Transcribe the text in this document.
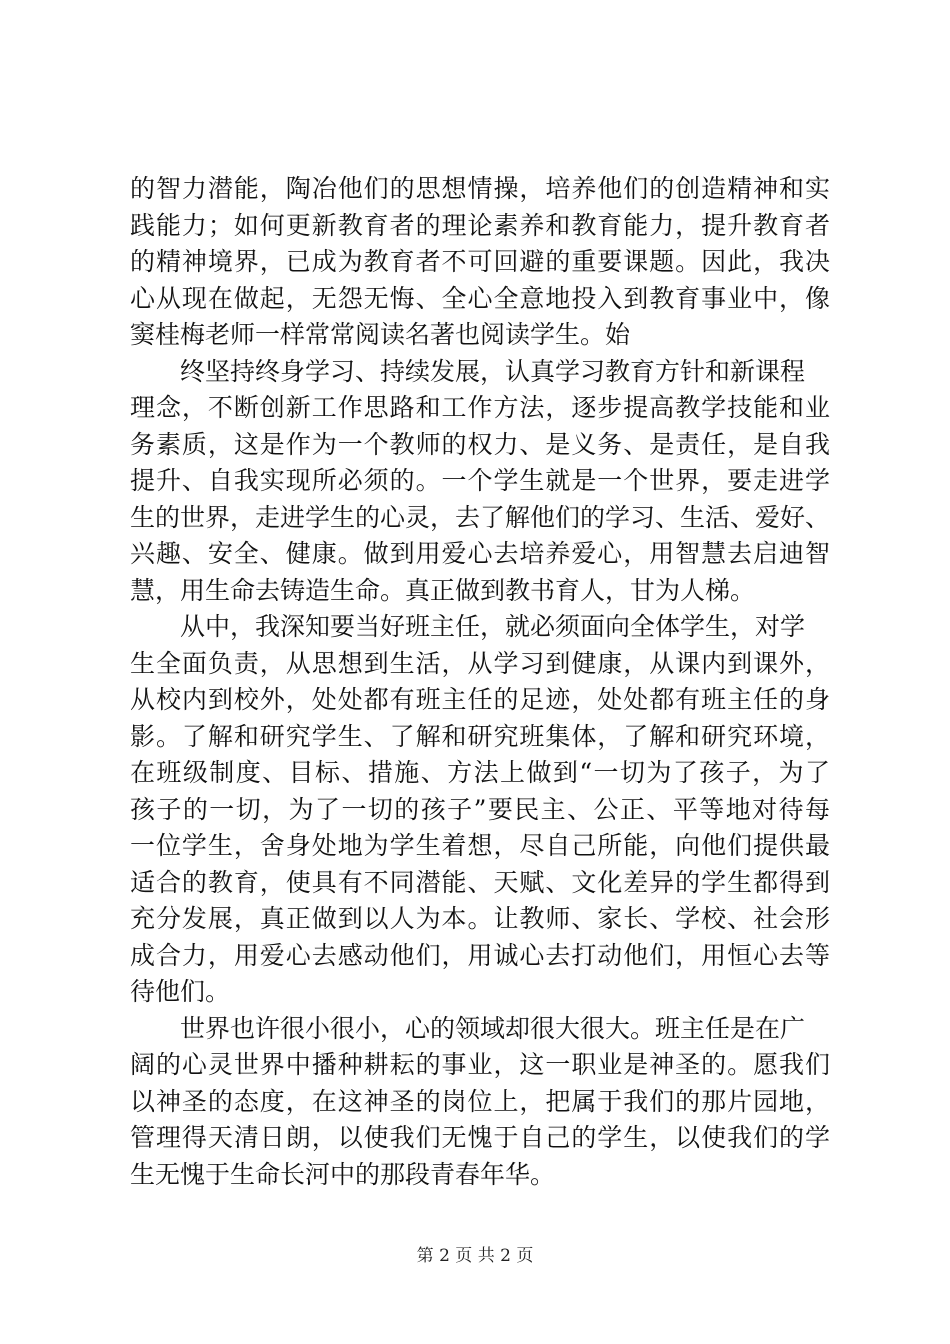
的智力潜能，陶冶他们的思想情操，培养他们的创造精神和实
践能力；如何更新教育者的理论素养和教育能力，提升教育者
的精神境界，已成为教育者不可回避的重要课题。因此，我决
心从现在做起，无怨无悔、全心全意地投入到教育事业中，像
窦桂梅老师一样常常阅读名著也阅读学生。始
终坚持终身学习、持续发展，认真学习教育方针和新课程
理念，不断创新工作思路和工作方法，逐步提高教学技能和业
务素质，这是作为一个教师的权力、是义务、是责任，是自我
提升、自我实现所必须的。一个学生就是一个世界，要走进学
生的世界，走进学生的心灵，去了解他们的学习、生活、爱好、
兴趣、安全、健康。做到用爱心去培养爱心，用智慧去启迪智
慧，用生命去铸造生命。真正做到教书育人，甘为人梯。
从中，我深知要当好班主任，就必须面向全体学生，对学
生全面负责，从思想到生活，从学习到健康，从课内到课外，
从校内到校外，处处都有班主任的足迹，处处都有班主任的身
影。了解和研究学生、了解和研究班集体，了解和研究环境，
在班级制度、目标、措施、方法上做到“一切为了孩子，为了
孩子的一切，为了一切的孩子”要民主、公正、平等地对待每
一位学生，舍身处地为学生着想，尽自己所能，向他们提供最
适合的教育，使具有不同潜能、天赋、文化差异的学生都得到
充分发展，真正做到以人为本。让教师、家长、学校、社会形
成合力，用爱心去感动他们，用诚心去打动他们，用恒心去等
待他们。
世界也许很小很小，心的领域却很大很大。班主任是在广
阔的心灵世界中播种耕耘的事业，这一职业是神圣的。愿我们
以神圣的态度，在这神圣的岗位上，把属于我们的那片园地，
管理得天清日朗，以使我们无愧于自己的学生，以使我们的学
生无愧于生命长河中的那段青春年华。
第 2 页 共 2 页
